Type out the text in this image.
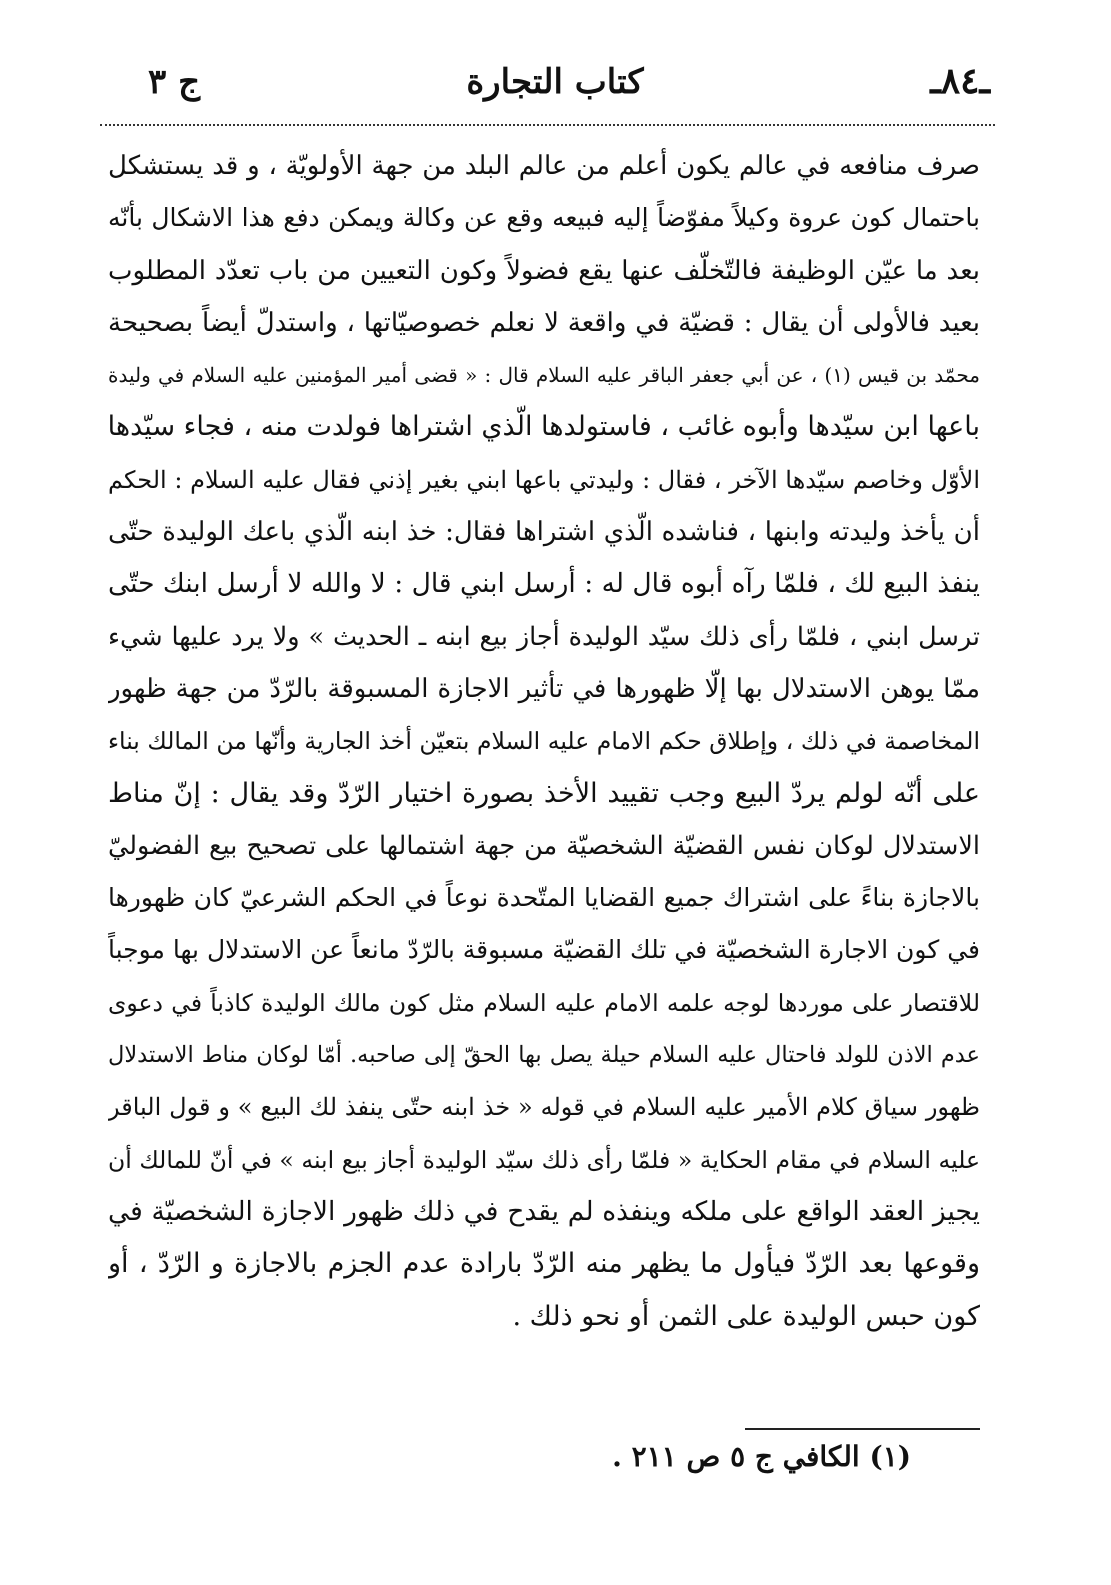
ـ٨٤ـ
كتاب التجارة
ج ٣
صرف منافعه في عالم يكون أعلم من عالم البلد من جهة الأولويّة ، و قد يستشكل
باحتمال كون عروة وكيلاً مفوّضاً إليه فبيعه وقع عن وكالة ويمكن دفع هذا الاشكال بأنّه
بعد ما عيّن الوظيفة فالتّخلّف عنها يقع فضولاً وكون التعيين من باب تعدّد المطلوب
بعيد فالأولى أن يقال : قضيّة في واقعة لا نعلم خصوصيّاتها ، واستدلّ أيضاً بصحيحة
محمّد بن قيس (١) ، عن أبي جعفر الباقر عليه السلام قال : « قضى أمير المؤمنين عليه السلام في وليدة
باعها ابن سيّدها وأبوه غائب ، فاستولدها الّذي اشتراها فولدت منه ، فجاء سيّدها
الأوّل وخاصم سيّدها الآخر ، فقال : وليدتي باعها ابني بغير إذني فقال عليه السلام : الحكم
أن يأخذ وليدته وابنها ، فناشده الّذي اشتراها فقال: خذ ابنه الّذي باعك الوليدة حتّى
ينفذ البيع لك ، فلمّا رآه أبوه قال له : أرسل ابني قال : لا والله لا أرسل ابنك حتّى
ترسل ابني ، فلمّا رأى ذلك سيّد الوليدة أجاز بيع ابنه ـ الحديث » ولا يرد عليها شيء
ممّا يوهن الاستدلال بها إلّا ظهورها في تأثير الاجازة المسبوقة بالرّدّ من جهة ظهور
المخاصمة في ذلك ، وإطلاق حكم الامام عليه السلام بتعيّن أخذ الجارية وأنّها من المالك بناء
على أنّه لولم يردّ البيع وجب تقييد الأخذ بصورة اختيار الرّدّ وقد يقال : إنّ مناط
الاستدلال لوكان نفس القضيّة الشخصيّة من جهة اشتمالها على تصحيح بيع الفضوليّ
بالاجازة بناءً على اشتراك جميع القضايا المتّحدة نوعاً في الحكم الشرعيّ كان ظهورها
في كون الاجارة الشخصيّة في تلك القضيّة مسبوقة بالرّدّ مانعاً عن الاستدلال بها موجباً
للاقتصار على موردها لوجه علمه الامام عليه السلام مثل كون مالك الوليدة كاذباً في دعوى
عدم الاذن للولد فاحتال عليه السلام حيلة يصل بها الحقّ إلى صاحبه. أمّا لوكان مناط الاستدلال
ظهور سياق كلام الأمير عليه السلام في قوله « خذ ابنه حتّى ينفذ لك البيع » و قول الباقر
عليه السلام في مقام الحكاية « فلمّا رأى ذلك سيّد الوليدة أجاز بيع ابنه » في أنّ للمالك أن
يجيز العقد الواقع على ملكه وينفذه لم يقدح في ذلك ظهور الاجازة الشخصيّة في
وقوعها بعد الرّدّ فيأول ما يظهر منه الرّدّ بارادة عدم الجزم بالاجازة و الرّدّ ، أو
كون حبس الوليدة على الثمن أو نحو ذلك .
(١) الكافي ج ٥ ص ٢١١ .
